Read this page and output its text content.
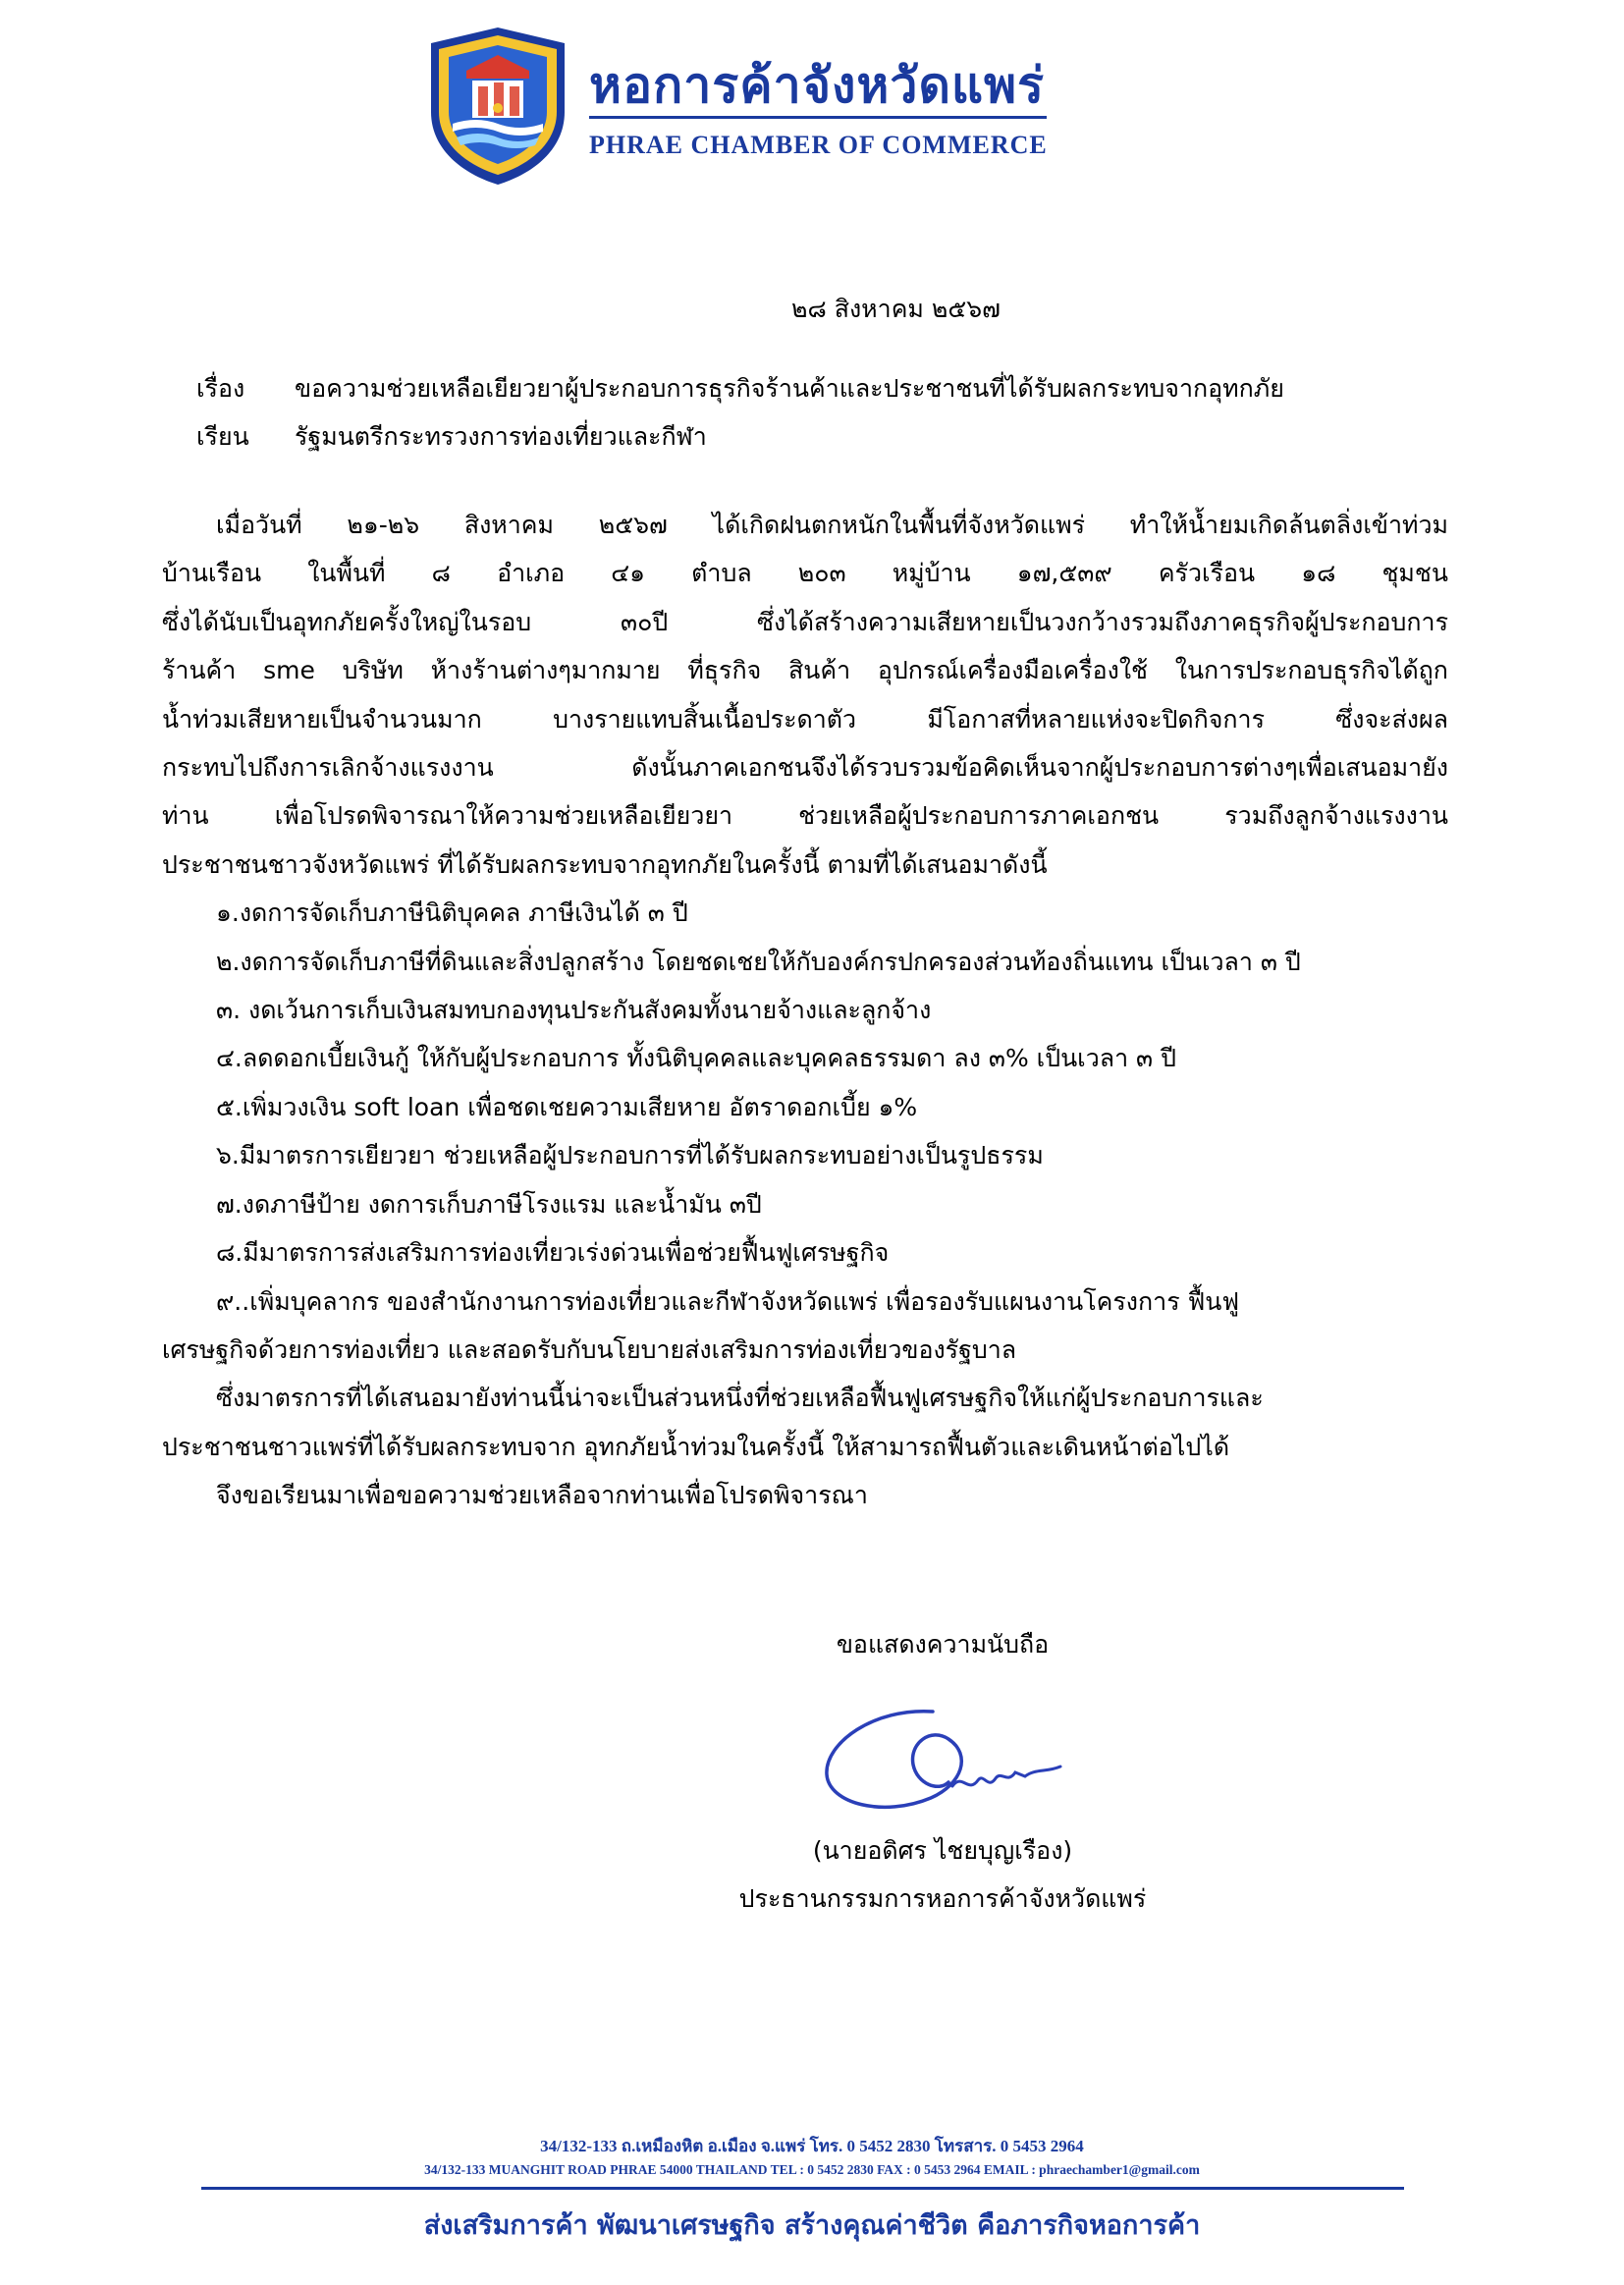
หอการค้าจังหวัดแพร่
PHRAE CHAMBER OF COMMERCE
๒๘ สิงหาคม ๒๕๖๗
เรื่อง ขอความช่วยเหลือเยียวยาผู้ประกอบการธุรกิจร้านค้าและประชาชนที่ได้รับผลกระทบจากอุทกภัย
เรียน รัฐมนตรีกระทรวงการท่องเที่ยวและกีฬา

เมื่อวันที่ ๒๑-๒๖ สิงหาคม ๒๕๖๗ ได้เกิดฝนตกหนักในพื้นที่จังหวัดแพร่ ทำให้น้ำยมเกิดล้นตลิ่งเข้าท่วม

บ้านเรือน ในพื้นที่ ๘ อำเภอ ๔๑ ตำบล ๒๐๓ หมู่บ้าน ๑๗,๕๓๙ ครัวเรือน ๑๘ ชุมชน

ซึ่งได้นับเป็นอุทกภัยครั้งใหญ่ในรอบ	๓๐ปี	ซึ่งได้สร้างความเสียหายเป็นวงกว้างรวมถึงภาคธุรกิจผู้ประกอบการ

ร้านค้า sme บริษัท ห้างร้านต่างๆมากมาย ที่ธุรกิจ สินค้า อุปกรณ์เครื่องมือเครื่องใช้ ในการประกอบธุรกิจได้ถูก

น้ำท่วมเสียหายเป็นจำนวนมาก	บางรายแทบสิ้นเนื้อประดาตัว	มีโอกาสที่หลายแห่งจะปิดกิจการ	ซึ่งจะส่งผล

กระทบไปถึงการเลิกจ้างแรงงาน	ดังนั้นภาคเอกชนจึงได้รวบรวมข้อคิดเห็นจากผู้ประกอบการต่างๆเพื่อเสนอมายัง

ท่าน	เพื่อโปรดพิจารณาให้ความช่วยเหลือเยียวยา	ช่วยเหลือผู้ประกอบการภาคเอกชน	รวมถึงลูกจ้างแรงงาน

ประชาชนชาวจังหวัดแพร่ ที่ได้รับผลกระทบจากอุทกภัยในครั้งนี้ ตามที่ได้เสนอมาดังนี้

๑.งดการจัดเก็บภาษีนิติบุคคล ภาษีเงินได้ ๓ ปี

๒.งดการจัดเก็บภาษีที่ดินและสิ่งปลูกสร้าง โดยชดเชยให้กับองค์กรปกครองส่วนท้องถิ่นแทน เป็นเวลา ๓ ปี

๓. งดเว้นการเก็บเงินสมทบกองทุนประกันสังคมทั้งนายจ้างและลูกจ้าง

๔.ลดดอกเบี้ยเงินกู้ ให้กับผู้ประกอบการ ทั้งนิติบุคคลและบุคคลธรรมดา ลง ๓% เป็นเวลา ๓ ปี

๕.เพิ่มวงเงิน soft loan เพื่อชดเชยความเสียหาย อัตราดอกเบี้ย ๑%

๖.มีมาตรการเยียวยา ช่วยเหลือผู้ประกอบการที่ได้รับผลกระทบอย่างเป็นรูปธรรม

๗.งดภาษีป้าย งดการเก็บภาษีโรงแรม และน้ำมัน ๓ปี

๘.มีมาตรการส่งเสริมการท่องเที่ยวเร่งด่วนเพื่อช่วยฟื้นฟูเศรษฐกิจ

๙..เพิ่มบุคลากร ของสำนักงานการท่องเที่ยวและกีฬาจังหวัดแพร่ เพื่อรองรับแผนงานโครงการ ฟื้นฟู

เศรษฐกิจด้วยการท่องเที่ยว และสอดรับกับนโยบายส่งเสริมการท่องเที่ยวของรัฐบาล

ซึ่งมาตรการที่ได้เสนอมายังท่านนี้น่าจะเป็นส่วนหนึ่งที่ช่วยเหลือฟื้นฟูเศรษฐกิจให้แก่ผู้ประกอบการและ

ประชาชนชาวแพร่ที่ได้รับผลกระทบจาก อุทกภัยน้ำท่วมในครั้งนี้ ให้สามารถฟื้นตัวและเดินหน้าต่อไปได้

จึงขอเรียนมาเพื่อขอความช่วยเหลือจากท่านเพื่อโปรดพิจารณา

ขอแสดงความนับถือ
(นายอดิศร ไชยบุญเรือง)
ประธานกรรมการหอการค้าจังหวัดแพร่
34/132-133 ถ.เหมืองหิต อ.เมือง จ.แพร่ โทร. 0 5452 2830 โทรสาร. 0 5453 2964
34/132-133 MUANGHIT ROAD PHRAE 54000 THAILAND TEL : 0 5452 2830 FAX : 0 5453 2964 EMAIL : phraechamber1@gmail.com
ส่งเสริมการค้า พัฒนาเศรษฐกิจ สร้างคุณค่าชีวิต คือภารกิจหอการค้า
